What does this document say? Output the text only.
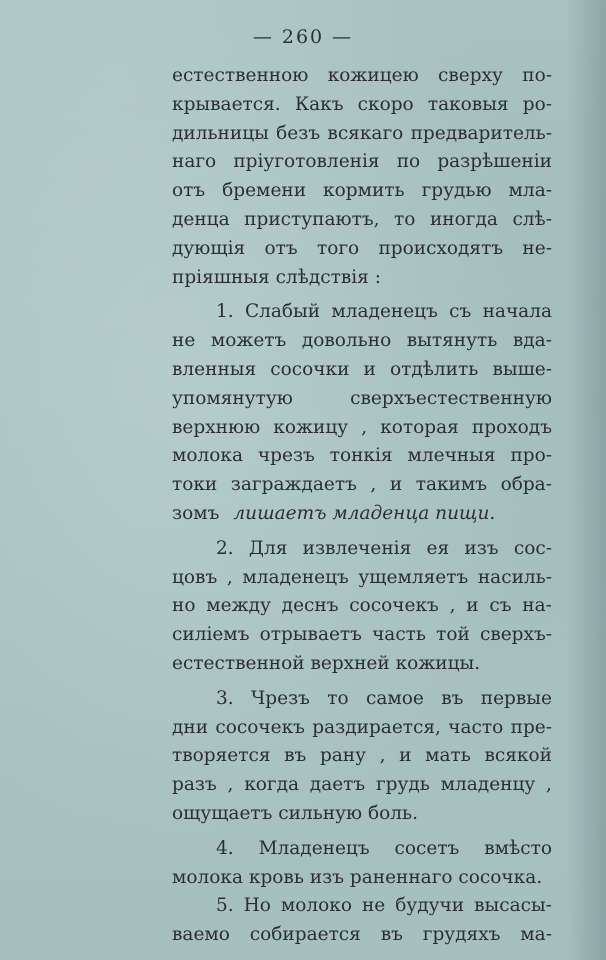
— 260 —
естественною кожицею сверху по-
крывается. Какъ скоро таковыя ро-
дильницы безъ всякаго предваритель-
наго пріуготовленія по разрѣшеніи
отъ бремени кормить грудью мла-
денца приступаютъ, то иногда слѣ-
дующія отъ того происходятъ не-
пріяшныя слѣдствія :
1. Слабый младенецъ съ начала
не можетъ довольно вытянуть вда-
вленныя сосочки и отдѣлить выше-
упомянутую	сверхъестественную
верхнюю кожицу , которая проходъ
молока чрезъ тонкія млечныя про-
токи заграждаетъ , и такимъ обра-
зомъ лишаетъ младенца пищи.
2. Для извлеченія ея изъ сос-
цовъ , младенецъ ущемляетъ насиль-
но между деснъ сосочекъ , и съ на-
силіемъ отрываетъ часть той сверхъ-
естественной верхней кожицы.
3. Чрезъ то самое въ первые
дни сосочекъ раздирается, часто пре-
творяется въ рану , и мать всякой
разъ , когда даетъ грудь младенцу ,
ощущаетъ сильную боль.
4. Младенецъ сосетъ вмѣсто
молока кровь изъ раненнаго сосочка.
5. Но молоко не будучи высасы-
ваемо собирается въ грудяхъ ма-
